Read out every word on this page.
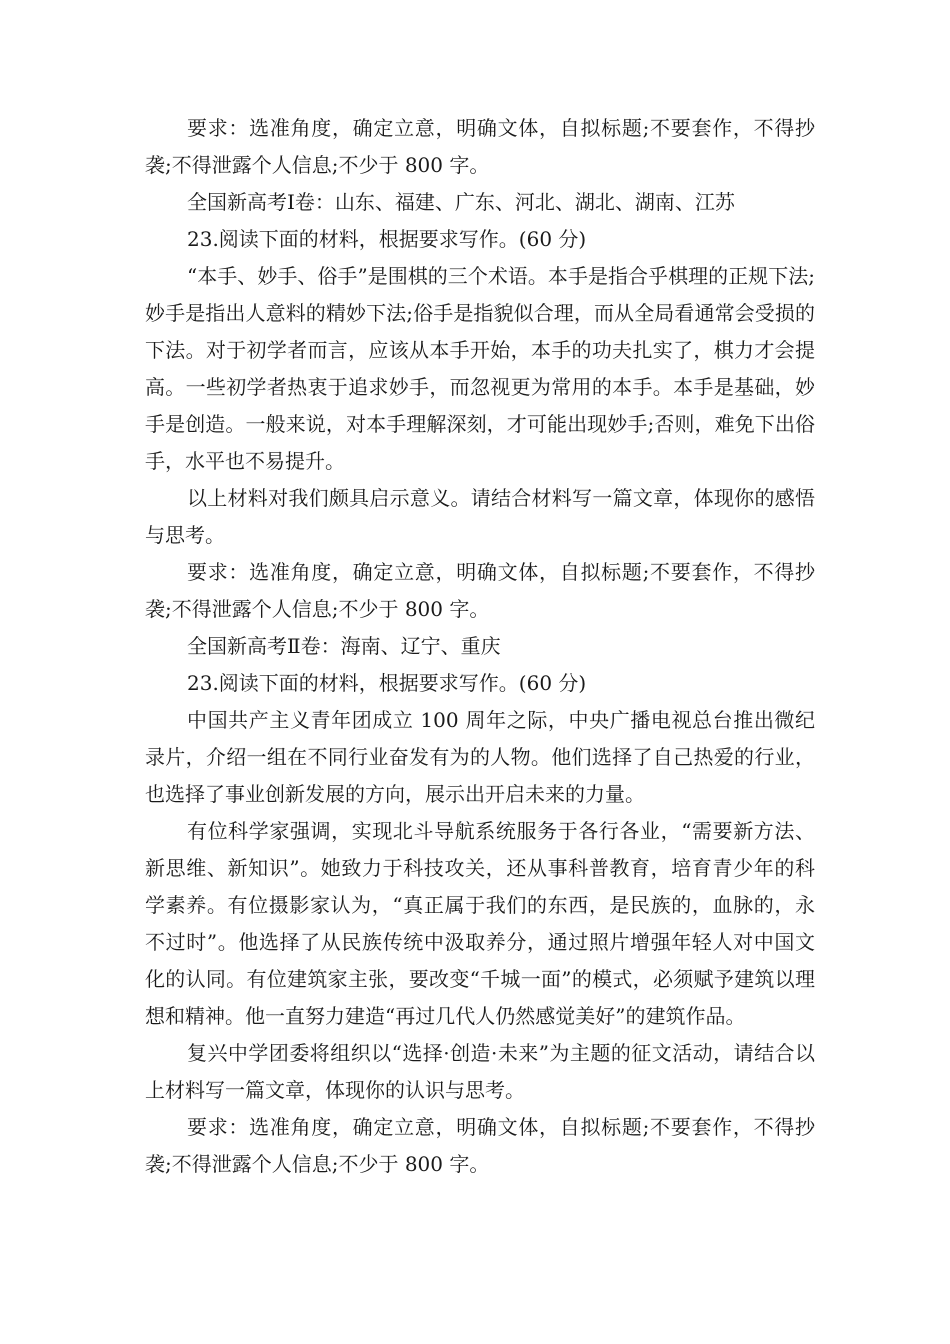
要求：选准角度，确定立意，明确文体，自拟标题;不要套作，不得抄袭;不得泄露个人信息;不少于 800 字。

全国新高考Ⅰ卷：山东、福建、广东、河北、湖北、湖南、江苏

23.阅读下面的材料，根据要求写作。(60 分)

“本手、妙手、俗手”是围棋的三个术语。本手是指合乎棋理的正规下法;妙手是指出人意料的精妙下法;俗手是指貌似合理，而从全局看通常会受损的下法。对于初学者而言，应该从本手开始，本手的功夫扎实了，棋力才会提高。一些初学者热衷于追求妙手，而忽视更为常用的本手。本手是基础，妙手是创造。一般来说，对本手理解深刻，才可能出现妙手;否则，难免下出俗手，水平也不易提升。

以上材料对我们颇具启示意义。请结合材料写一篇文章，体现你的感悟与思考。

要求：选准角度，确定立意，明确文体，自拟标题;不要套作，不得抄袭;不得泄露个人信息;不少于 800 字。

全国新高考Ⅱ卷：海南、辽宁、重庆

23.阅读下面的材料，根据要求写作。(60 分)

中国共产主义青年团成立 100 周年之际，中央广播电视总台推出微纪录片，介绍一组在不同行业奋发有为的人物。他们选择了自己热爱的行业，也选择了事业创新发展的方向，展示出开启未来的力量。

有位科学家强调，实现北斗导航系统服务于各行各业，“需要新方法、新思维、新知识”。她致力于科技攻关，还从事科普教育，培育青少年的科学素养。有位摄影家认为，“真正属于我们的东西，是民族的，血脉的，永不过时”。他选择了从民族传统中汲取养分，通过照片增强年轻人对中国文化的认同。有位建筑家主张，要改变“千城一面”的模式，必须赋予建筑以理想和精神。他一直努力建造“再过几代人仍然感觉美好”的建筑作品。

复兴中学团委将组织以“选择·创造·未来”为主题的征文活动，请结合以上材料写一篇文章，体现你的认识与思考。

要求：选准角度，确定立意，明确文体，自拟标题;不要套作，不得抄袭;不得泄露个人信息;不少于 800 字。
